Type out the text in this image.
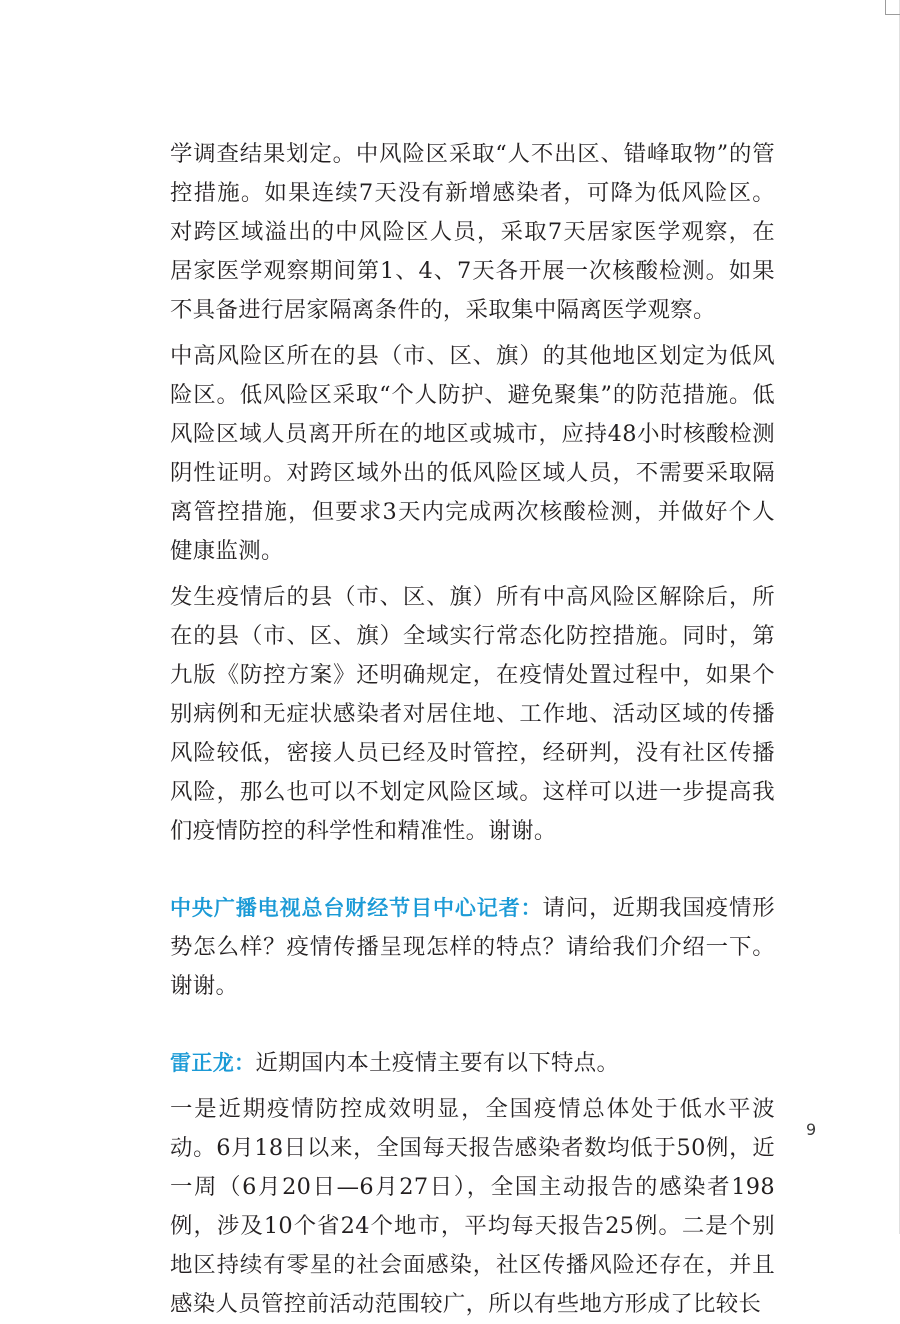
学调查结果划定。中风险区采取“人不出区、错峰取物”的管控措施。如果连续7天没有新增感染者，可降为低风险区。对跨区域溢出的中风险区人员，采取7天居家医学观察，在居家医学观察期间第1、4、7天各开展一次核酸检测。如果不具备进行居家隔离条件的，采取集中隔离医学观察。

中高风险区所在的县（市、区、旗）的其他地区划定为低风险区。低风险区采取“个人防护、避免聚集”的防范措施。低风险区域人员离开所在的地区或城市，应持48小时核酸检测阴性证明。对跨区域外出的低风险区域人员，不需要采取隔离管控措施，但要求3天内完成两次核酸检测，并做好个人健康监测。

发生疫情后的县（市、区、旗）所有中高风险区解除后，所在的县（市、区、旗）全域实行常态化防控措施。同时，第九版《防控方案》还明确规定，在疫情处置过程中，如果个别病例和无症状感染者对居住地、工作地、活动区域的传播风险较低，密接人员已经及时管控，经研判，没有社区传播风险，那么也可以不划定风险区域。这样可以进一步提高我们疫情防控的科学性和精准性。谢谢。

中央广播电视总台财经节目中心记者：请问，近期我国疫情形势怎么样？疫情传播呈现怎样的特点？请给我们介绍一下。谢谢。

雷正龙：近期国内本土疫情主要有以下特点。

一是近期疫情防控成效明显，全国疫情总体处于低水平波动。6月18日以来，全国每天报告感染者数均低于50例，近一周（6月20日—6月27日），全国主动报告的感染者198例，涉及10个省24个地市，平均每天报告25例。二是个别地区持续有零星的社会面感染，社区传播风险还存在，并且感染人员管控前活动范围较广，所以有些地方形成了比较长

9
